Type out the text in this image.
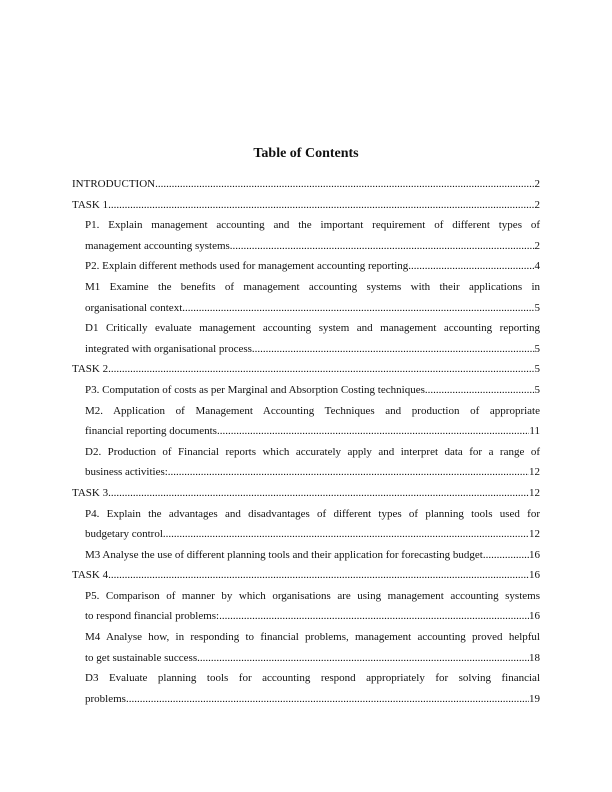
Table of Contents
INTRODUCTION .....	2
TASK 1 .....	2
P1. Explain management accounting and the important requirement of different types of
management accounting systems .....	2
P2. Explain different methods used for management accounting reporting .....	4
M1 Examine the benefits of management accounting systems with their applications in
organisational context .....	5
D1 Critically evaluate management accounting system and management accounting reporting
integrated with organisational process .....	5
TASK 2 .....	5
P3. Computation of costs as per Marginal and Absorption Costing techniques .....	5
M2. Application of Management Accounting Techniques and production of appropriate
financial reporting documents .....	11
D2. Production of Financial reports which accurately apply and interpret data for a range of
business activities: .....	12
TASK 3 .....	12
P4. Explain the advantages and disadvantages of different types of planning tools used for
budgetary control .....	12
M3 Analyse the use of different planning tools and their application for forecasting budget .....	16
TASK 4 .....	16
P5. Comparison of manner by which organisations are using management accounting systems
to respond financial problems: .....	16
M4 Analyse how, in responding to financial problems, management accounting proved helpful
to get sustainable success .....	18
D3 Evaluate planning tools for accounting respond appropriately for solving financial
problems .....	19
